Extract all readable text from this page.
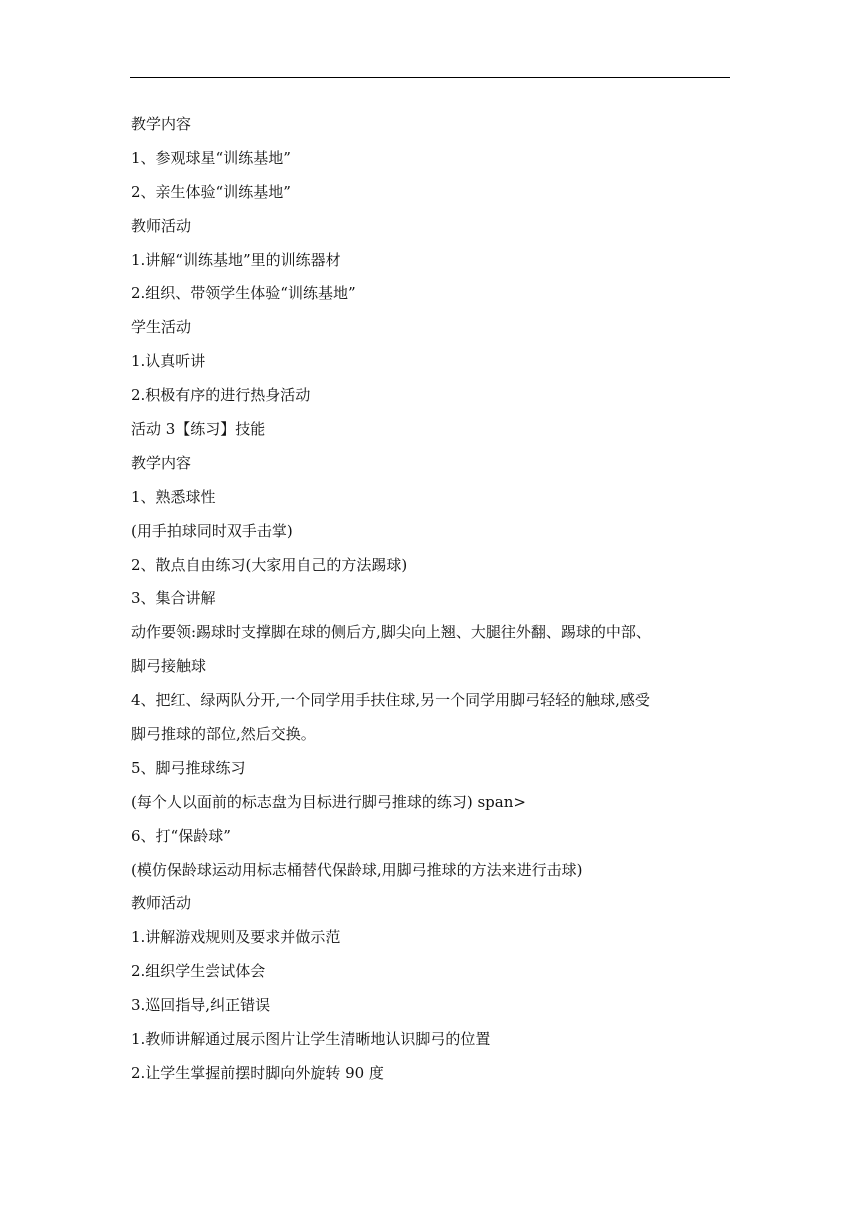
教学内容
1、参观球星“训练基地”
2、亲生体验“训练基地”
教师活动
1.讲解“训练基地”里的训练器材
2.组织、带领学生体验“训练基地”
学生活动
1.认真听讲
2.积极有序的进行热身活动
活动 3【练习】技能
教学内容
1、熟悉球性
(用手拍球同时双手击掌)
2、散点自由练习(大家用自己的方法踢球)
3、集合讲解
动作要领:踢球时支撑脚在球的侧后方,脚尖向上翘、大腿往外翻、踢球的中部、
脚弓接触球
4、把红、绿两队分开,一个同学用手扶住球,另一个同学用脚弓轻轻的触球,感受
脚弓推球的部位,然后交换。
5、脚弓推球练习
(每个人以面前的标志盘为目标进行脚弓推球的练习) span>
6、打“保龄球”
(模仿保龄球运动用标志桶替代保龄球,用脚弓推球的方法来进行击球)
教师活动
1.讲解游戏规则及要求并做示范
2.组织学生尝试体会
3.巡回指导,纠正错误
1.教师讲解通过展示图片让学生清晰地认识脚弓的位置
2.让学生掌握前摆时脚向外旋转 90 度
